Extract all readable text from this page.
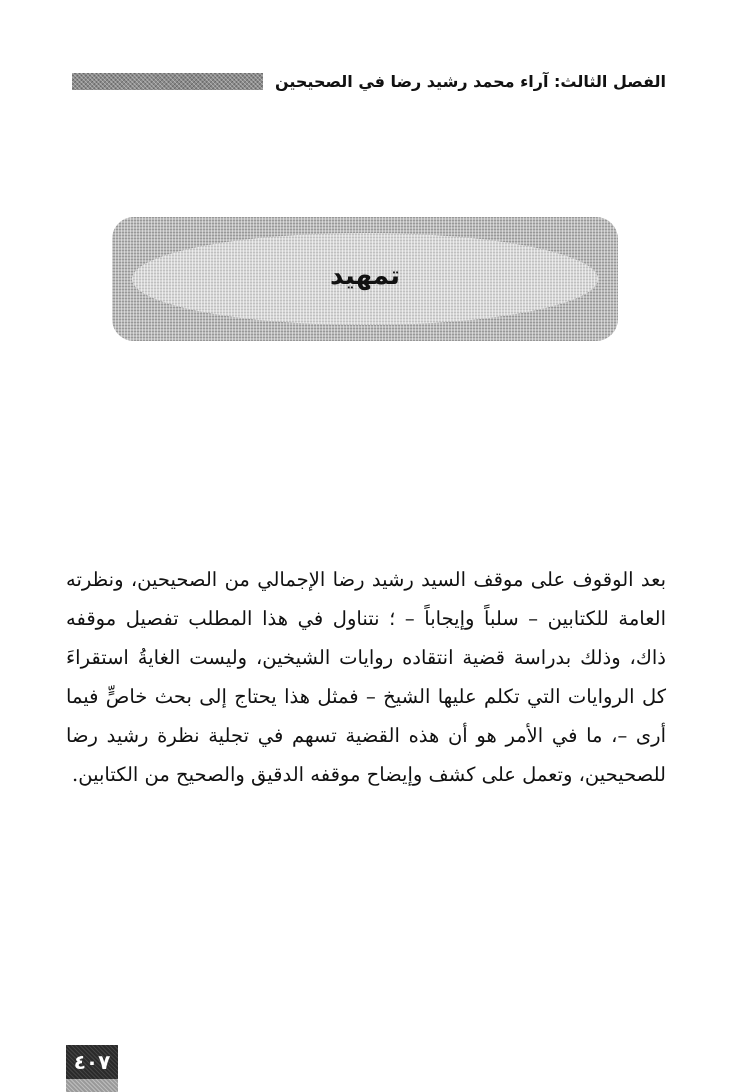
الفصل الثالث: آراء محمد رشيد رضا في الصحيحين
تمهيد

بعد الوقوف على موقف السيد رشيد رضا الإجمالي من الصحيحين، ونظرته العامة للكتابين – سلباً وإيجاباً – ؛ نتناول في هذا المطلب تفصيل موقفه ذاك، وذلك بدراسة قضية انتقاده روايات الشيخين، وليست الغايةُ استقراءَ كل الروايات التي تكلم عليها الشيخ – فمثل هذا يحتاج إلى بحث خاصٍّ فيما أرى –، ما في الأمر هو أن هذه القضية تسهم في تجلية نظرة رشيد رضا للصحيحين، وتعمل على كشف وإيضاح موقفه الدقيق والصحيح من الكتابين.

٤٠٧
